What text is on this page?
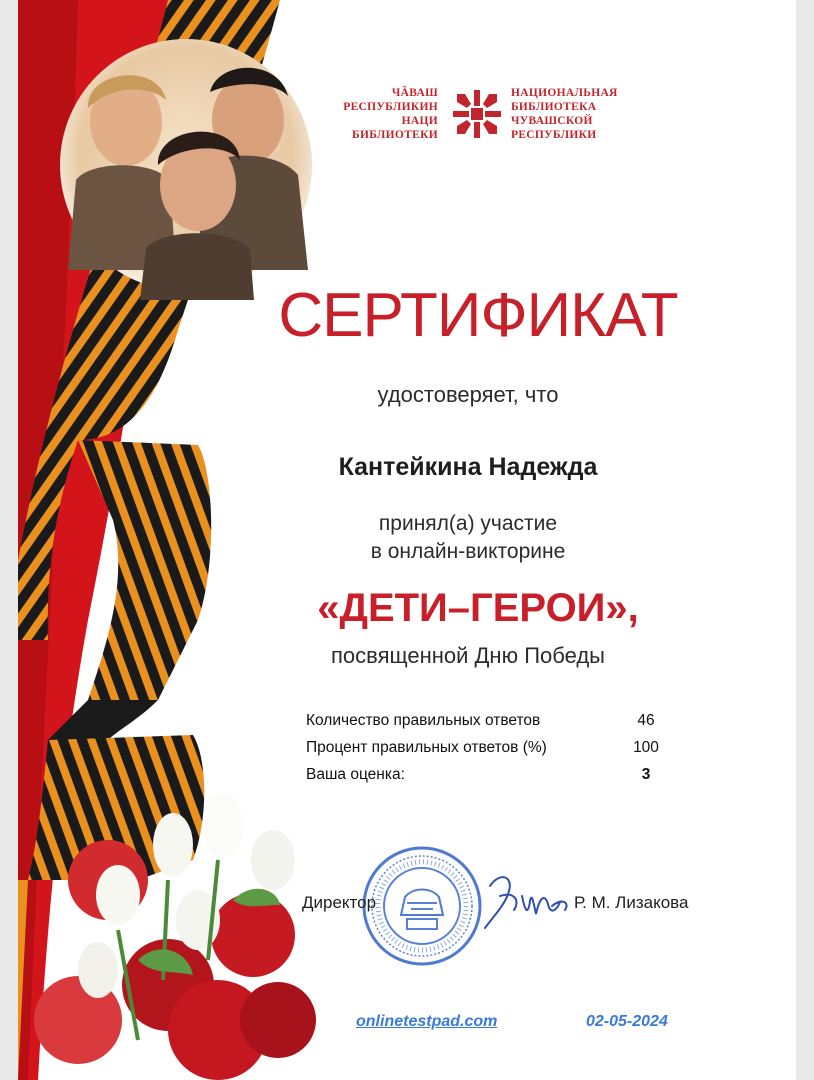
ЧĂВАШ
РЕСПУБЛИКИН
НАЦИ
БИБЛИОТЕКИ
НАЦИОНАЛЬНАЯ
БИБЛИОТЕКА
ЧУВАШСКОЙ
РЕСПУБЛИКИ
СЕРТИФИКАТ
удостоверяет, что
Кантейкина Надежда
принял(а) участие
в онлайн-викторине
«ДЕТИ–ГЕРОИ»,
посвященной Дню Победы
Количество правильных ответов	46
Процент правильных ответов (%)	100
Ваша оценка:	3
Директор	Р. М. Лизакова
onlinetestpad.com	02-05-2024
